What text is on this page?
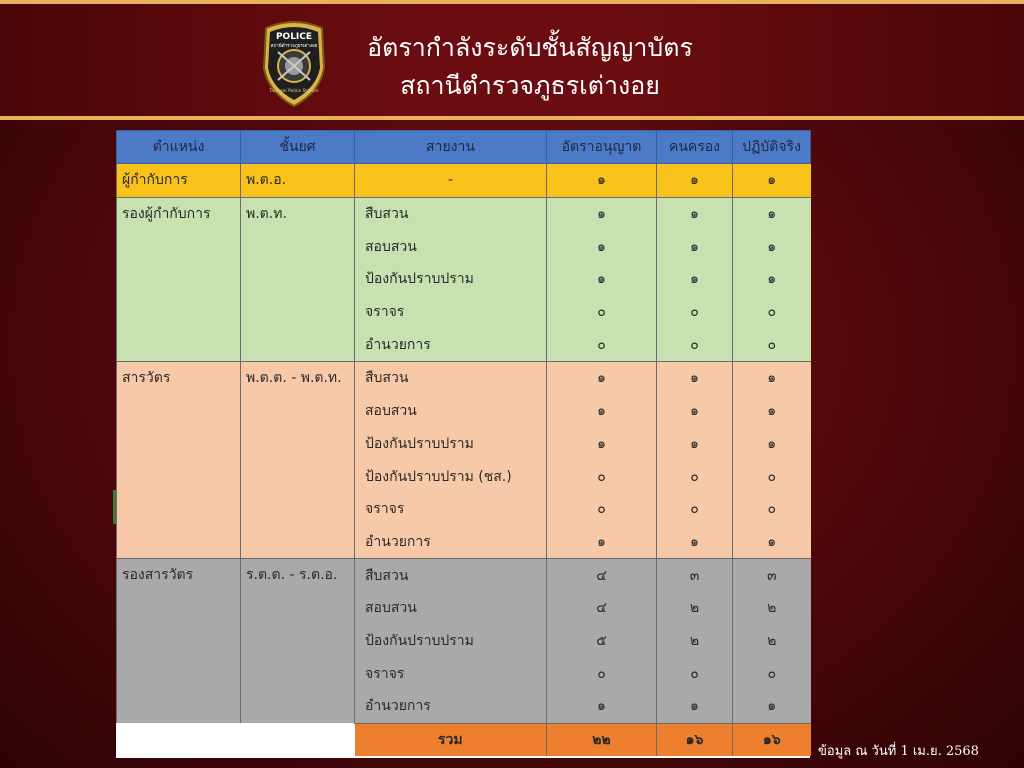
POLICE
สถานีตำรวจภูธรเต่างอย
Taongoi Police Station
อัตรากำลังระดับชั้นสัญญาบัตร
สถานีตำรวจภูธรเต่างอย
ตำแหน่ง	ชั้นยศ	สายงาน	อัตราอนุญาต	คนครอง	ปฏิบัติจริง
ผู้กำกับการ	พ.ต.อ.	-	๑	๑	๑
รองผู้กำกับการ	พ.ต.ท.	สืบสวน	๑	๑	๑
		สอบสวน	๑	๑	๑
		ป้องกันปราบปราม	๑	๑	๑
		จราจร	๐	๐	๐
		อำนวยการ	๐	๐	๐
สารวัตร	พ.ต.ต. - พ.ต.ท.	สืบสวน	๑	๑	๑
		สอบสวน	๑	๑	๑
		ป้องกันปราบปราม	๑	๑	๑
		ป้องกันปราบปราม (ชส.)	๐	๐	๐
		จราจร	๐	๐	๐
		อำนวยการ	๑	๑	๑
รองสารวัตร	ร.ต.ต. - ร.ต.อ.	สืบสวน	๔	๓	๓
		สอบสวน	๔	๒	๒
		ป้องกันปราบปราม	๕	๒	๒
		จราจร	๐	๐	๐
		อำนวยการ	๑	๑	๑
		รวม	๒๒	๑๖	๑๖
ข้อมูล ณ วันที่ 1 เม.ย. 2568
